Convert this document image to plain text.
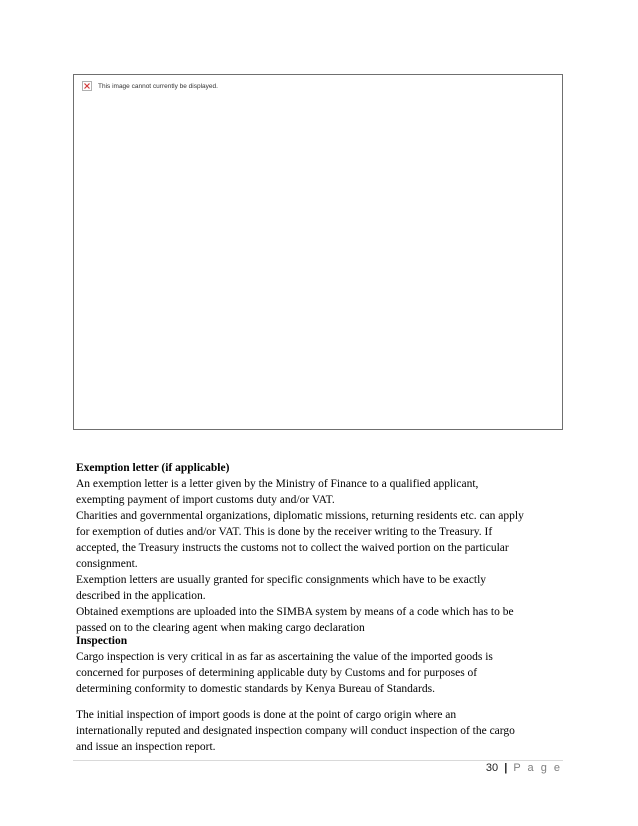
This image cannot currently be displayed.
Exemption letter (if applicable)
An exemption letter is a letter given by the Ministry of Finance to a qualified applicant,
exempting payment of import customs duty and/or VAT.
Charities and governmental organizations, diplomatic missions, returning residents etc. can apply
for exemption of duties and/or VAT. This is done by the receiver writing to the Treasury. If
accepted, the Treasury instructs the customs not to collect the waived portion on the particular
consignment.
Exemption letters are usually granted for specific consignments which have to be exactly
described in the application.
Obtained exemptions are uploaded into the SIMBA system by means of a code which has to be
passed on to the clearing agent when making cargo declaration
Inspection
Cargo inspection is very critical in as far as ascertaining the value of the imported goods is
concerned for purposes of determining applicable duty by Customs and for purposes of
determining conformity to domestic standards by Kenya Bureau of Standards.
The initial inspection of import goods is done at the point of cargo origin where an
internationally reputed and designated inspection company will conduct inspection of the cargo
and issue an inspection report.
30 | P a g e
